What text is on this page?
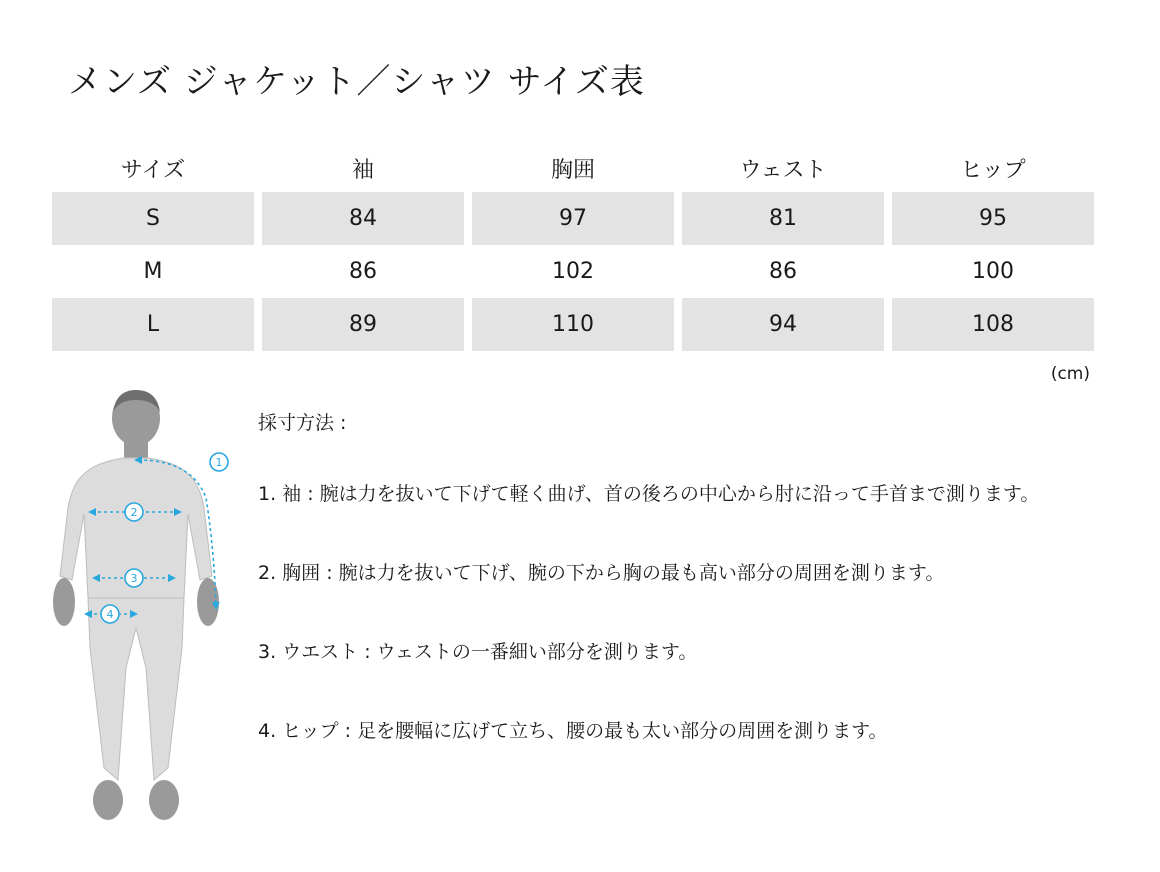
メンズ ジャケット／シャツ サイズ表
サイズ	袖	胸囲	ウェスト	ヒップ
S	84	97	81	95
M	86	102	86	100
L	89	110	94	108
(cm)
1
2
3
4

採寸方法 :

1. 袖 : 腕は力を抜いて下げて軽く曲げ、首の後ろの中心から肘に沿って手首まで測ります。

2. 胸囲 : 腕は力を抜いて下げ、腕の下から胸の最も高い部分の周囲を測ります。

3. ウエスト : ウェストの一番細い部分を測ります。

4. ヒップ : 足を腰幅に広げて立ち、腰の最も太い部分の周囲を測ります。
